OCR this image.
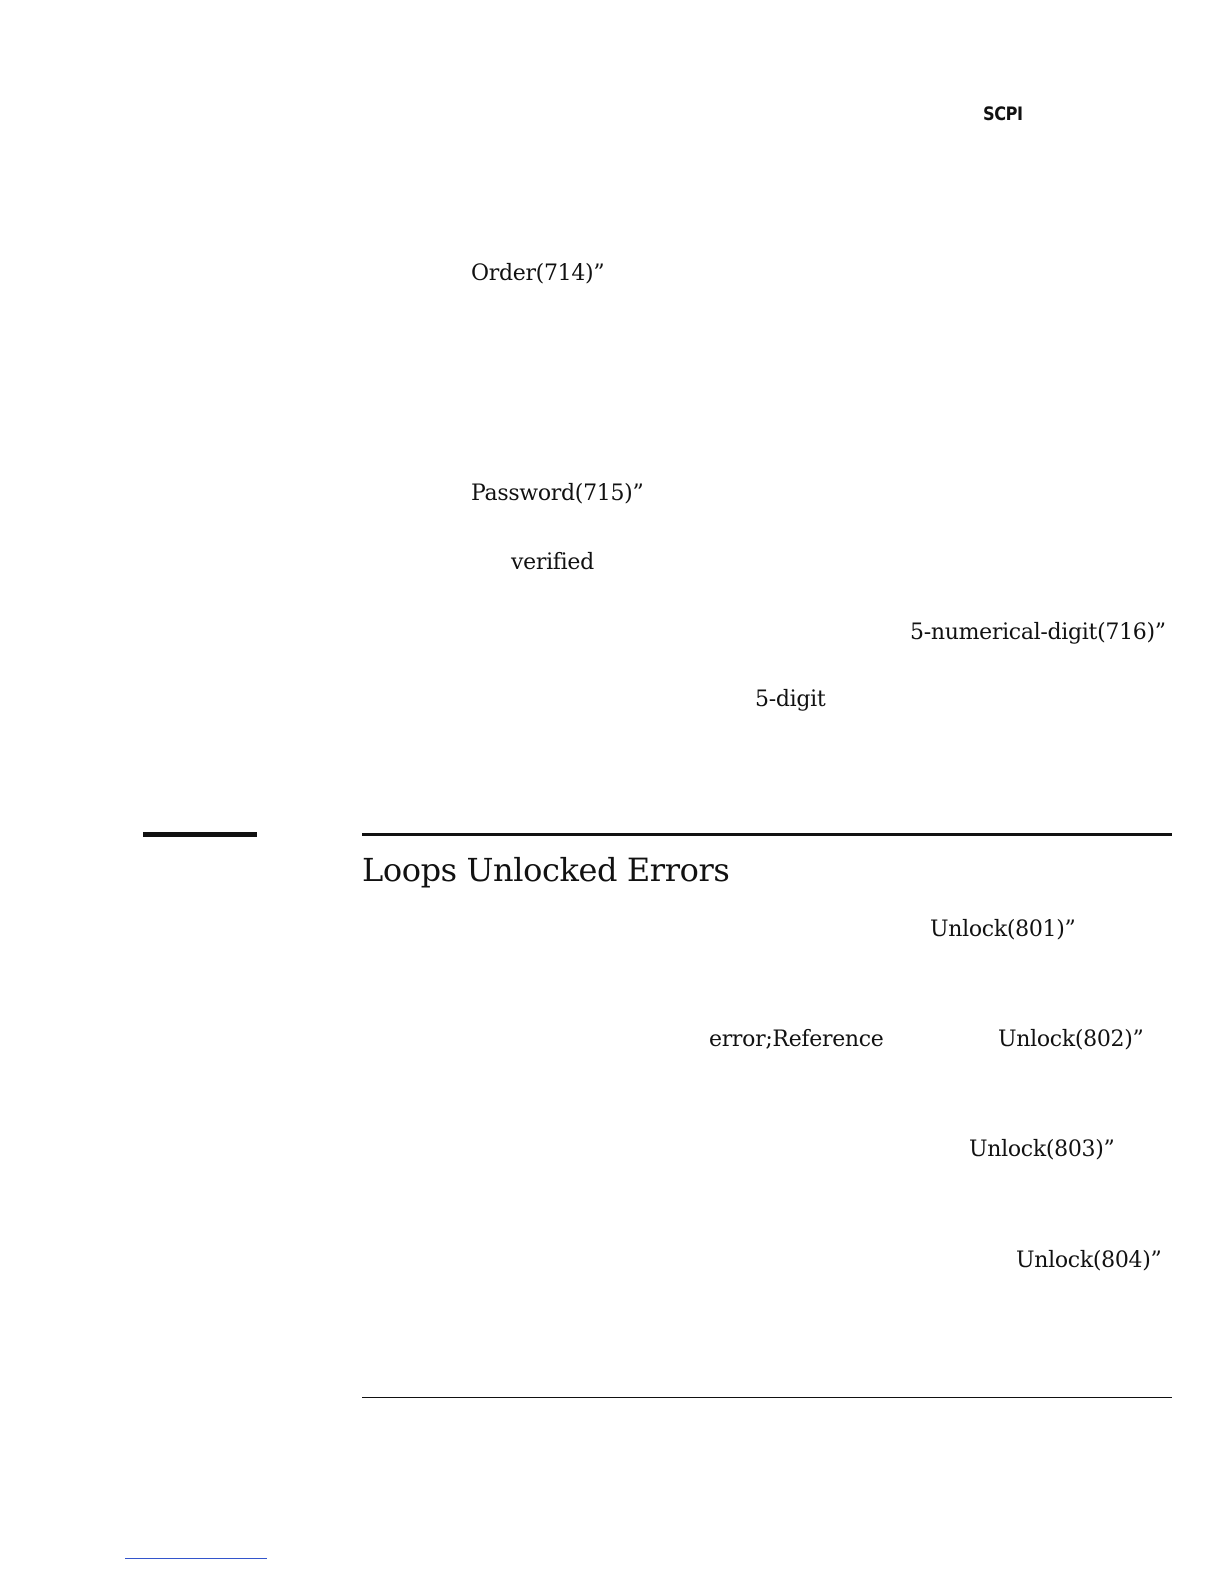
SCPI
Order(714)”
Password(715)”
verified
5-numerical-digit(716)”
5-digit
Loops Unlocked Errors
Unlock(801)”
error;Reference	Unlock(802)”
Unlock(803)”
Unlock(804)”
